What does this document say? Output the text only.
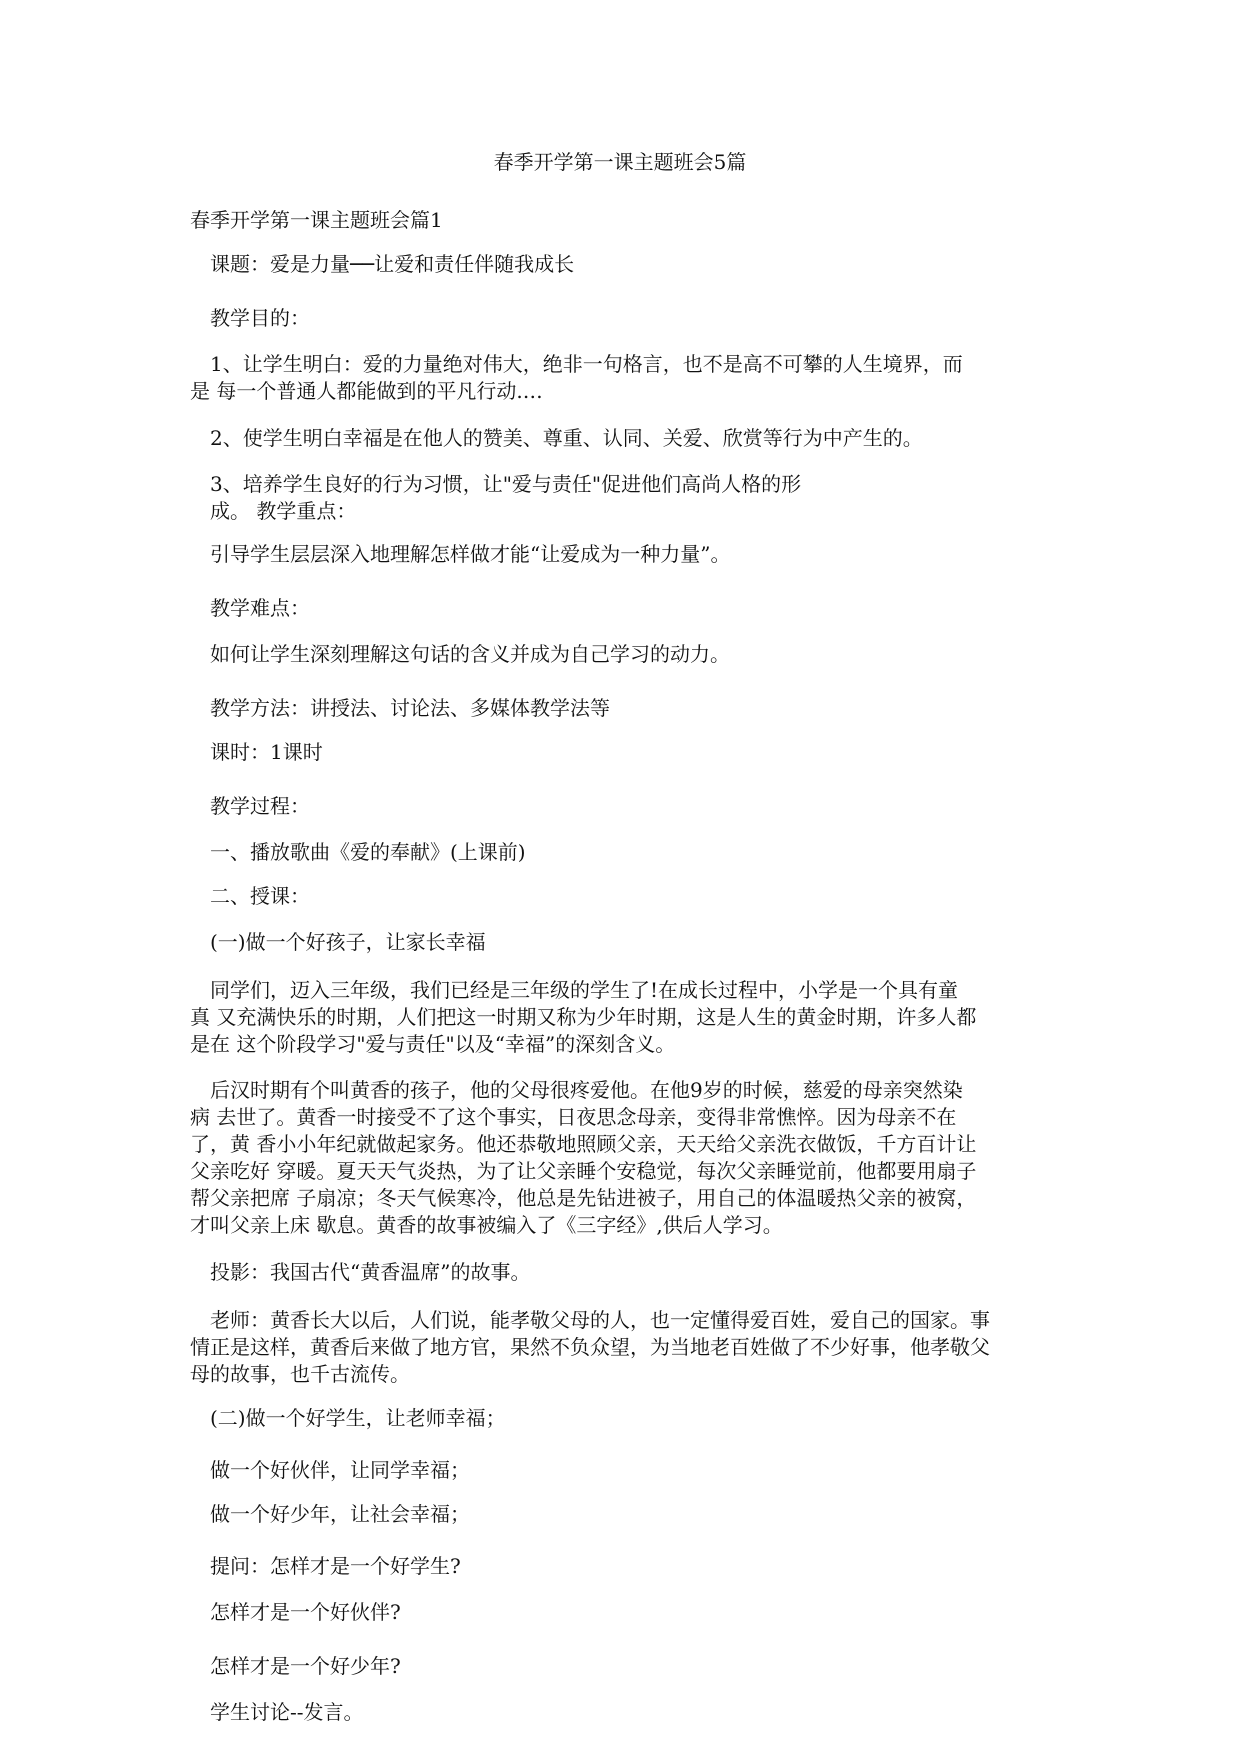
春季开学第一课主题班会5篇

春季开学第一课主题班会篇1

课题：爱是力量──让爱和责任伴随我成长

教学目的：

1、让学生明白：爱的力量绝对伟大，绝非一句格言，也不是高不可攀的人生境界，而

是 每一个普通人都能做到的平凡行动.…

2、使学生明白幸福是在他人的赞美、尊重、认同、关爱、欣赏等行为中产生的。

3、培养学生良好的行为习惯，让"爱与责任"促进他们高尚人格的形

成。 教学重点：

引导学生层层深入地理解怎样做才能“让爱成为一种力量”。

教学难点：

如何让学生深刻理解这句话的含义并成为自己学习的动力。

教学方法：讲授法、讨论法、多媒体教学法等

课时：1课时

教学过程：

一、播放歌曲《爱的奉献》(上课前)

二、授课：

(一)做一个好孩子，让家长幸福

同学们，迈入三年级，我们已经是三年级的学生了!在成长过程中，小学是一个具有童

真 又充满快乐的时期，人们把这一时期又称为少年时期，这是人生的黄金时期，许多人都

是在 这个阶段学习"爱与责任"以及“幸福”的深刻含义。

后汉时期有个叫黄香的孩子，他的父母很疼爱他。在他9岁的时候，慈爱的母亲突然染

病 去世了。黄香一时接受不了这个事实，日夜思念母亲，变得非常憔悴。因为母亲不在

了，黄 香小小年纪就做起家务。他还恭敬地照顾父亲，天天给父亲洗衣做饭，千方百计让

父亲吃好 穿暖。夏天天气炎热，为了让父亲睡个安稳觉，每次父亲睡觉前，他都要用扇子

帮父亲把席 子扇凉；冬天气候寒冷，他总是先钻进被子，用自己的体温暖热父亲的被窝，

才叫父亲上床 歇息。黄香的故事被编入了《三字经》,供后人学习。

投影：我国古代“黄香温席”的故事。

老师：黄香长大以后，人们说，能孝敬父母的人，也一定懂得爱百姓，爱自己的国家。事

情正是这样，黄香后来做了地方官，果然不负众望，为当地老百姓做了不少好事，他孝敬父

母的故事，也千古流传。

(二)做一个好学生，让老师幸福；

做一个好伙伴，让同学幸福；

做一个好少年，让社会幸福；

提问：怎样才是一个好学生?

怎样才是一个好伙伴?

怎样才是一个好少年?

学生讨论--发言。
